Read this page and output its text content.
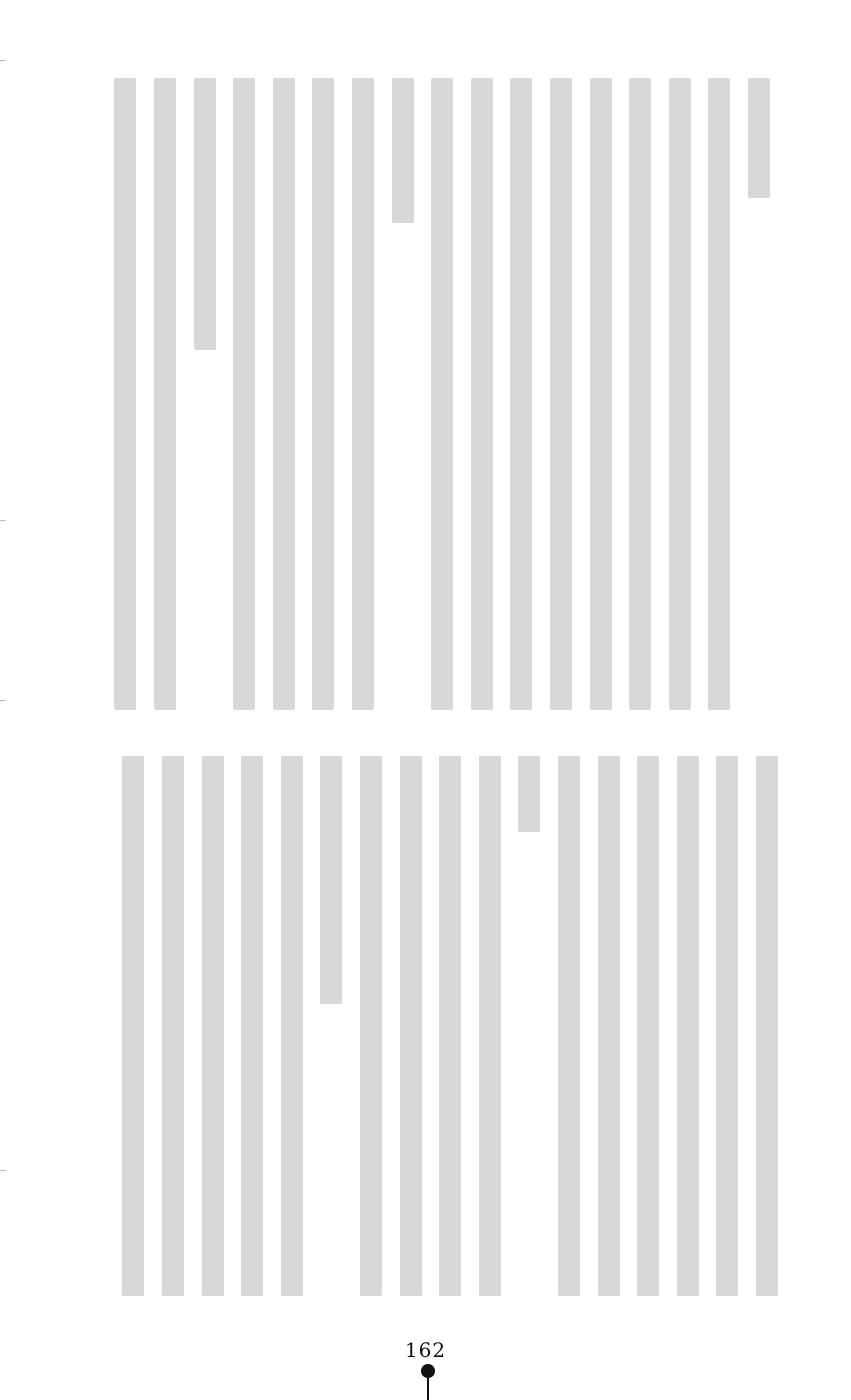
162
